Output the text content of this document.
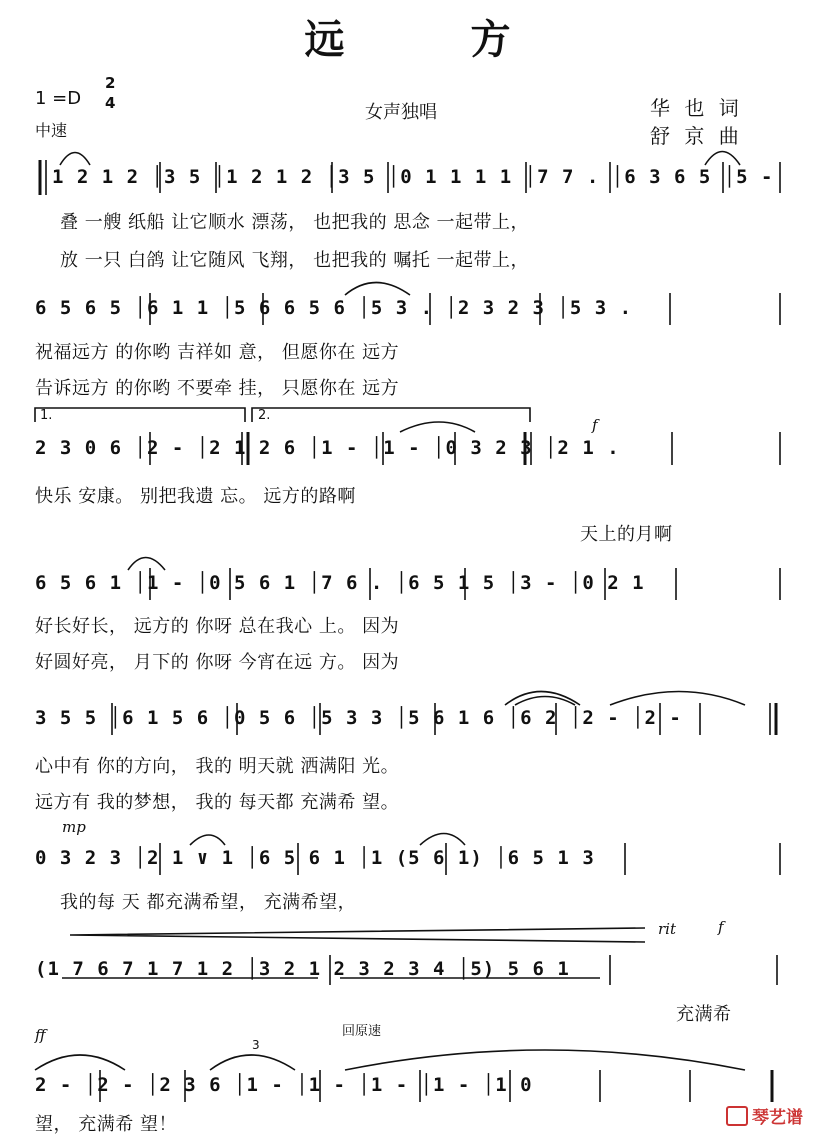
远 方
1 =D
2
4
中速
女声独唱	华 也 词
舒 京 曲
1 2 1 2 │3 5 │1 2 1 2 │3 5 │0 1 1 1 1 │7 7 . │6 3 6 5 │5 -
叠 一艘 纸船 让它顺水 漂荡， 也把我的 思念 一起带上，
放 一只 白鸽 让它随风 飞翔， 也把我的 嘱托 一起带上，
6 5 6 5 │6 1 1 │5 6 6 5 6 │5 3 . │2 3 2 3 │5 3 .
祝福远方 的你哟 吉祥如 意， 但愿你在 远方
告诉远方 的你哟 不要牵 挂， 只愿你在 远方
1.	2.
f
2 3 0 6 │2 - │2 1 2 6 │1 - │1 - │0 3 2 3 │2 1 .
快乐 安康。 别把我遗 忘。 远方的路啊
天上的月啊
6 5 6 1 │1 - │0 5 6 1 │7 6 . │6 5 1 5 │3 - │0 2 1
好长好长， 远方的 你呀 总在我心 上。 因为
好圆好亮， 月下的 你呀 今宵在远 方。 因为
3 5 5 │6 1 5 6 │0 5 6 │5 3 3 │5 6 1 6 │6 2 │2 - │2 -
心中有 你的方向， 我的 明天就 洒满阳 光。
远方有 我的梦想， 我的 每天都 充满希 望。
mp
0 3 2 3 │2 1 ∨ 1 │6 5 6 1 │1 (5 6 1) │6 5 1 3
我的每 天 都充满希望， 充满希望，
rit	f
(1 7 6 7 1 7 1 2 │3 2 1 2 3 2 3 4 │5) 5 6 1
充满希
ff
3
回原速
2 - │2 - │2 3 6 │1 - │1 - │1 - │1 - │1 0
望， 充满希 望！	琴艺谱
